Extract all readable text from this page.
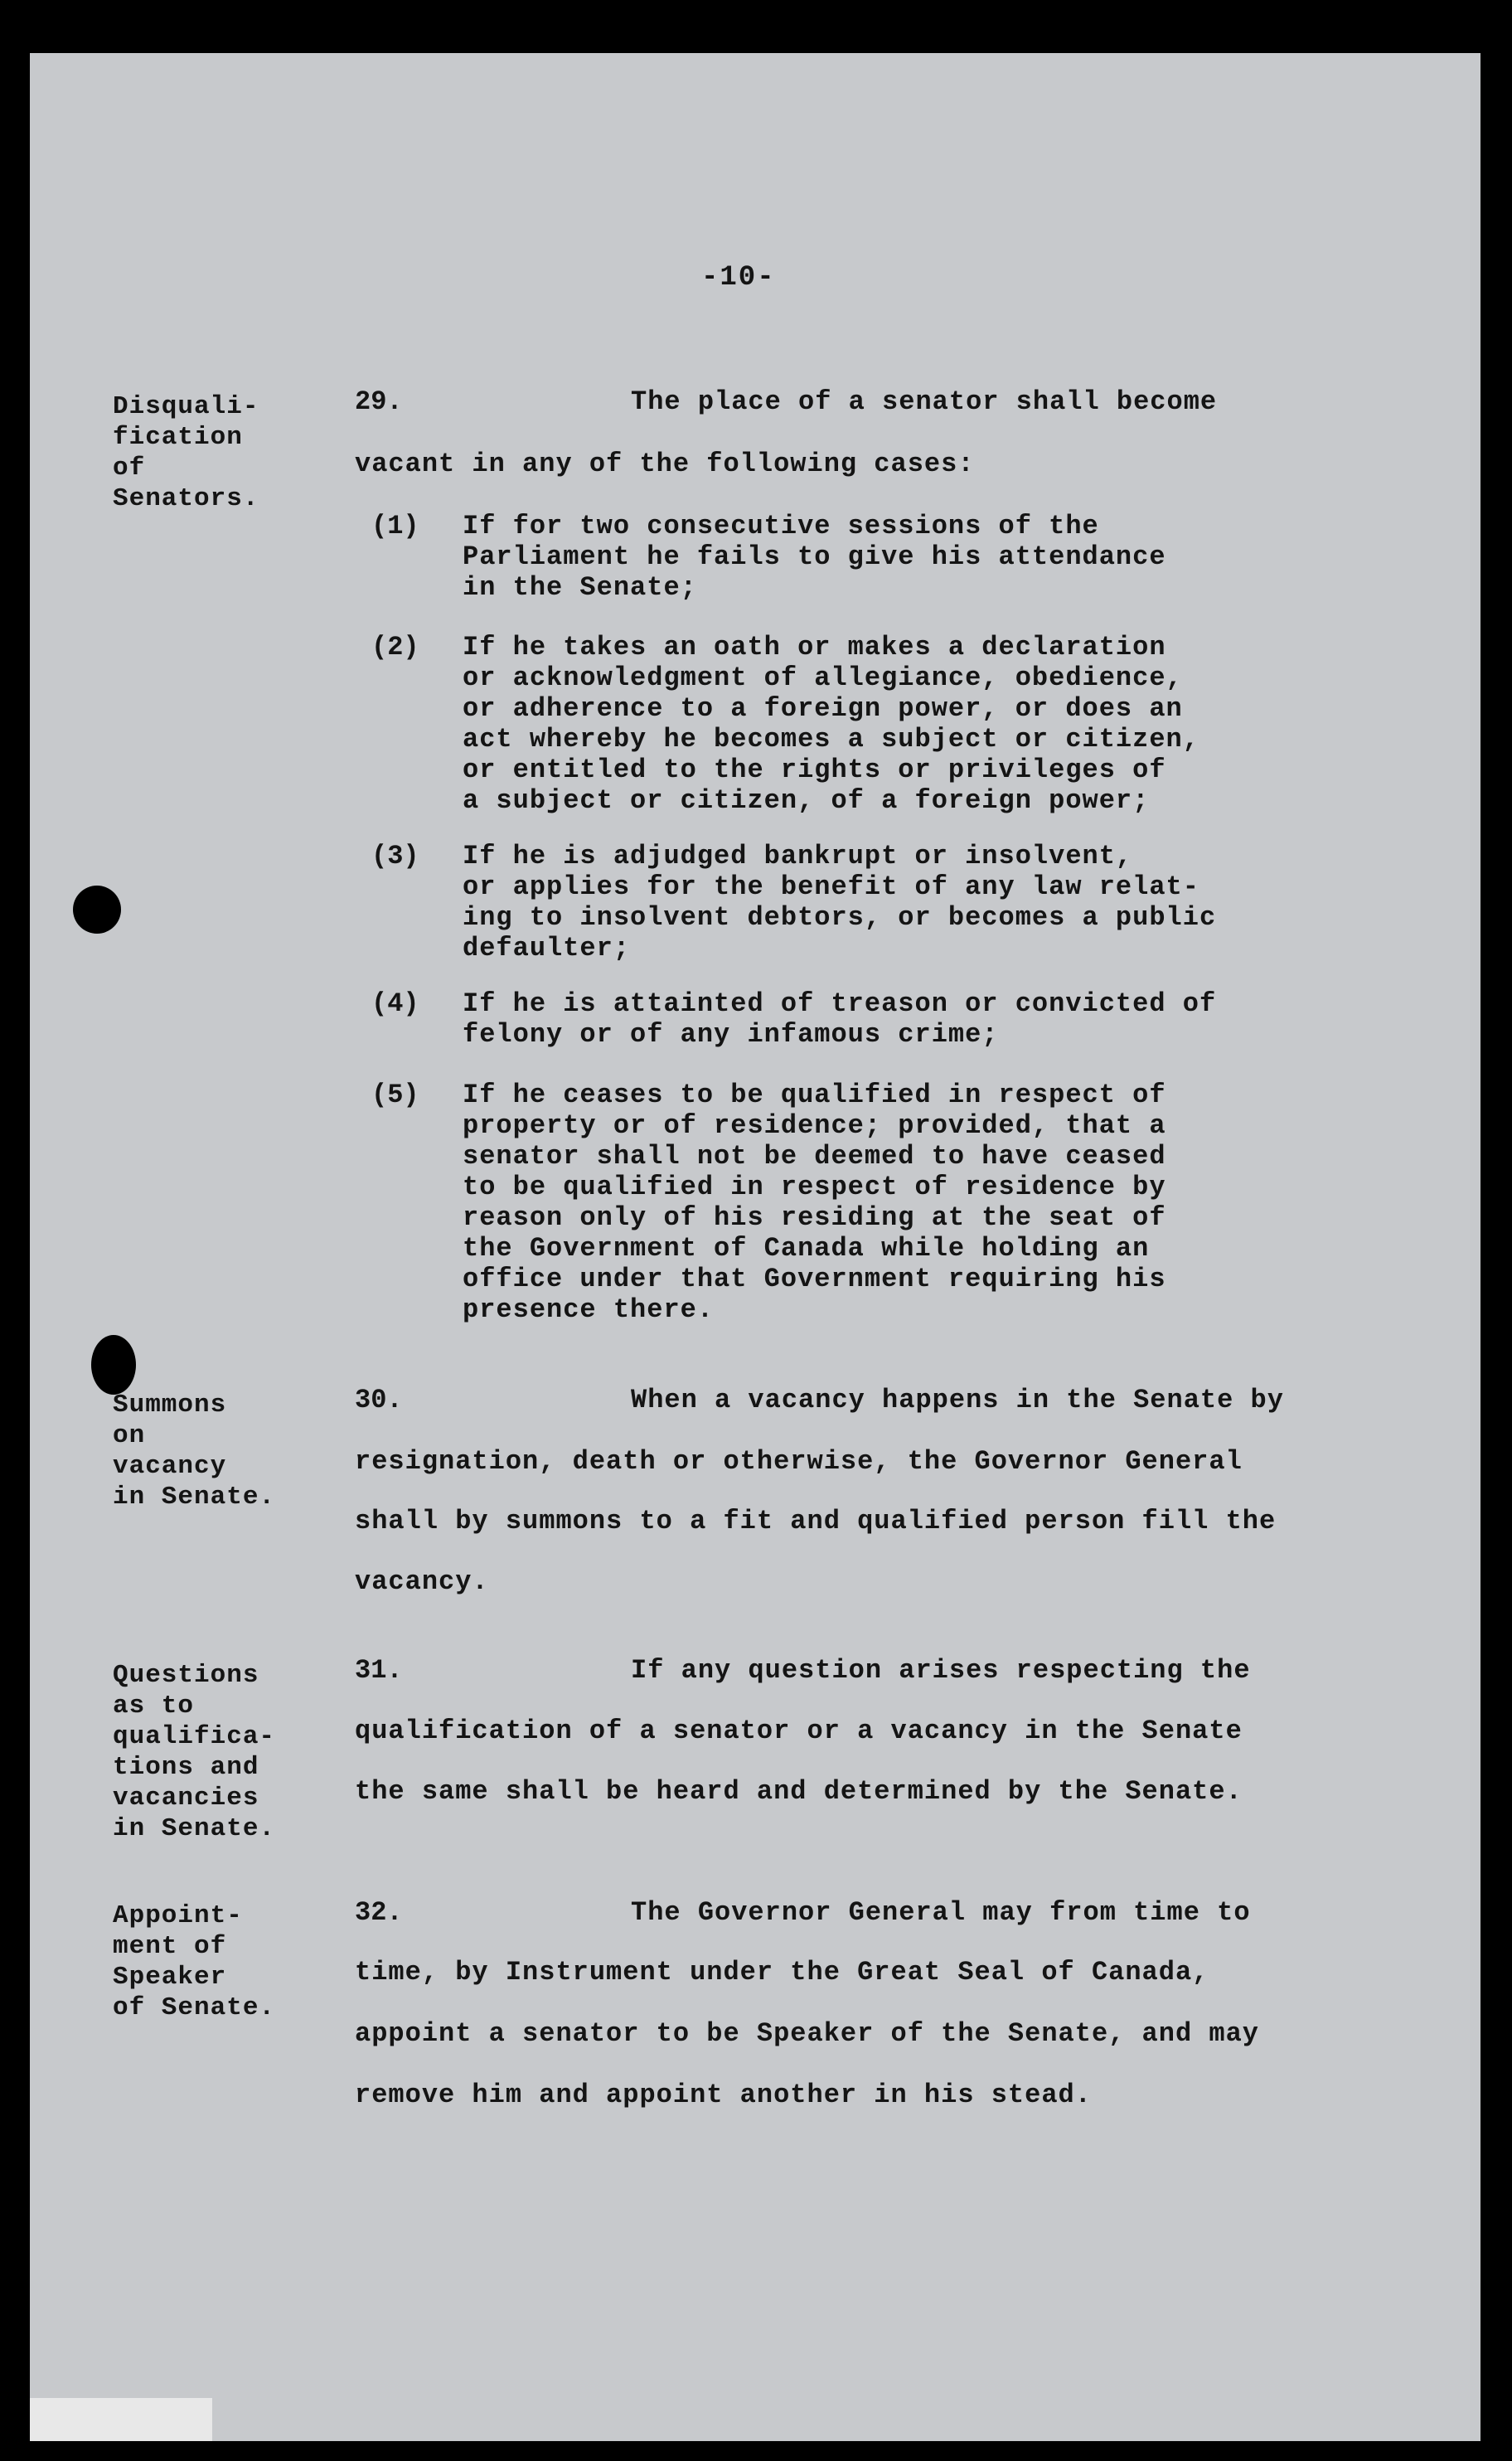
-10-
Disquali-
fication
of
Senators.
29.	The place of a senator shall become
vacant in any of the following cases:
(1) If for two consecutive sessions of the
Parliament he fails to give his attendance
in the Senate;
(2) If he takes an oath or makes a declaration
or acknowledgment of allegiance, obedience,
or adherence to a foreign power, or does an
act whereby he becomes a subject or citizen,
or entitled to the rights or privileges of
a subject or citizen, of a foreign power;
(3) If he is adjudged bankrupt or insolvent,
or applies for the benefit of any law relat-
ing to insolvent debtors, or becomes a public
defaulter;
(4) If he is attainted of treason or convicted of
felony or of any infamous crime;
(5) If he ceases to be qualified in respect of
property or of residence; provided, that a
senator shall not be deemed to have ceased
to be qualified in respect of residence by
reason only of his residing at the seat of
the Government of Canada while holding an
office under that Government requiring his
presence there.
Summons
on
vacancy
in Senate.
30.	When a vacancy happens in the Senate by
resignation, death or otherwise, the Governor General
shall by summons to a fit and qualified person fill the
vacancy.
Questions
as to
qualifica-
tions and
vacancies
in Senate.
31.	If any question arises respecting the
qualification of a senator or a vacancy in the Senate
the same shall be heard and determined by the Senate.
Appoint-
ment of
Speaker
of Senate.
32.	The Governor General may from time to
time, by Instrument under the Great Seal of Canada,
appoint a senator to be Speaker of the Senate, and may
remove him and appoint another in his stead.
